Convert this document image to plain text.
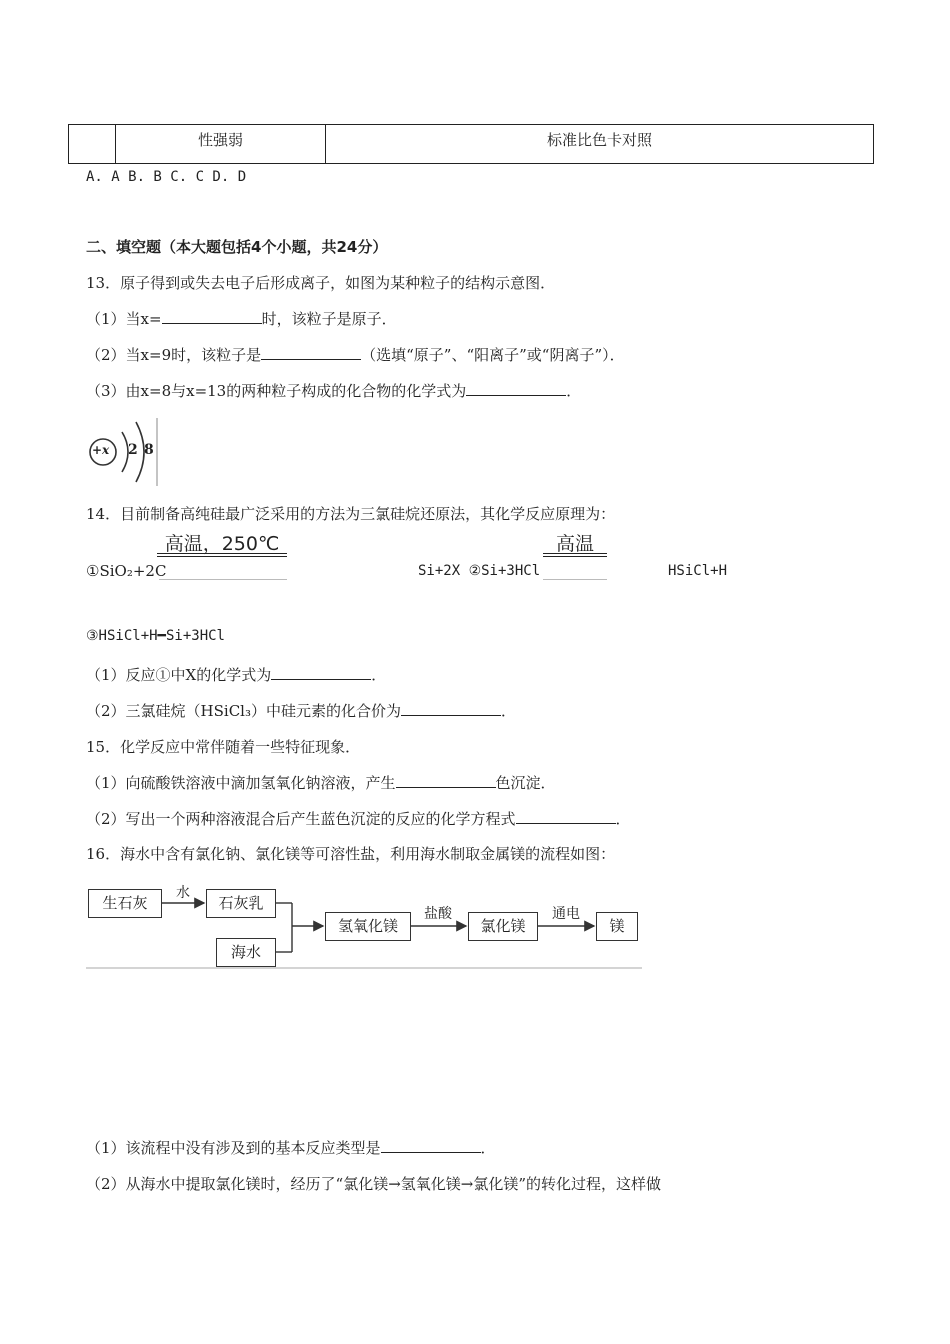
	性强弱	标准比色卡对照
A. A B. B C. C D. D
二、填空题（本大题包括4个小题，共24分）
13．原子得到或失去电子后形成离子，如图为某种粒子的结构示意图．
（1）当x=	时，该粒子是原子．
（2）当x=9时，该粒子是	（选填“原子”、“阳离子”或“阴离子”）．
（3）由x=8与x=13的两种粒子构成的化合物的化学式为	．
+x 2 8
14．目前制备高纯硅最广泛采用的方法为三氯硅烷还原法，其化学反应原理为：
高温，250℃	高温
①SiO₂+2C	Si+2X ②Si+3HCl	HSiCl+H
③HSiCl+H━Si+3HCl
（1）反应①中X的化学式为	．
（2）三氯硅烷（HSiCl₃）中硅元素的化合价为	．
15．化学反应中常伴随着一些特征现象．
（1）向硫酸铁溶液中滴加氢氧化钠溶液，产生	色沉淀．
（2）写出一个两种溶液混合后产生蓝色沉淀的反应的化学方程式	．
16．海水中含有氯化钠、氯化镁等可溶性盐，利用海水制取金属镁的流程如图：
生石灰	石灰乳
海水
氢氧化镁	氯化镁	镁
水
盐酸	通电
（1）该流程中没有涉及到的基本反应类型是	．
（2）从海水中提取氯化镁时，经历了“氯化镁→氢氧化镁→氯化镁”的转化过程，这样做
